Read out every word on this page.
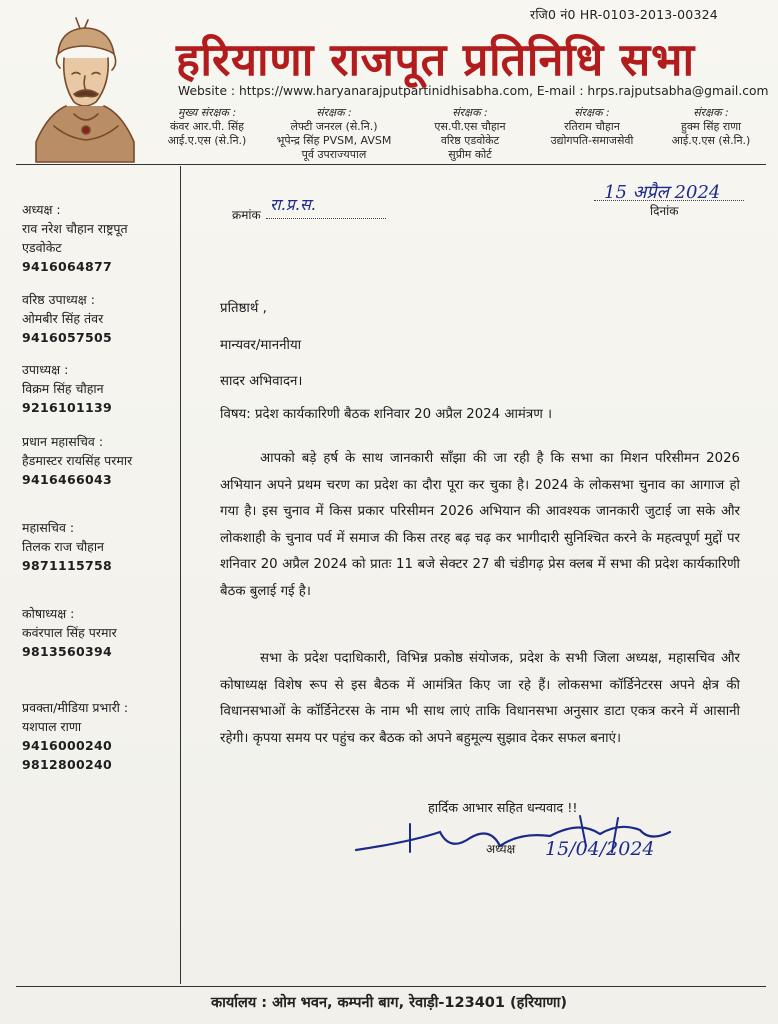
रजि0 नं0 HR-0103-2013-00324
हरियाणा राजपूत प्रतिनिधि सभा
Website : https://www.haryanarajputpartinidhisabha.com, E-mail : hrps.rajputsabha@gmail.com
मुख्य संरक्षक :
कंवर आर.पी. सिंह
आई.ए.एस (से.नि.)
संरक्षक :
लेफ्टी जनरल (से.नि.)
भूपेन्द्र सिंह PVSM, AVSM
पूर्व उपराज्यपाल
संरक्षक :
एस.पी.एस चौहान
वरिष्ठ एडवोकेट
सुप्रीम कोर्ट
संरक्षक :
रतिराम चौहान
उद्योगपति-समाजसेवी
संरक्षक :
हुक्म सिंह राणा
आई.ए.एस (से.नि.)
अध्यक्ष :
राव नरेश चौहान राष्ट्रपूत
एडवोकेट
9416064877
वरिष्ठ उपाध्यक्ष :
ओमबीर सिंह तंवर
9416057505
उपाध्यक्ष :
विक्रम सिंह चौहान
9216101139
प्रधान महासचिव :
हैडमास्टर रायसिंह परमार
9416466043
महासचिव :
तिलक राज चौहान
9871115758
कोषाध्यक्ष :
कवंरपाल सिंह परमार
9813560394
प्रवक्ता/मीडिया प्रभारी :
यशपाल राणा
9416000240
9812800240
क्रमांक
रा.प्र.स.
15 अप्रैल 2024
दिनांक
प्रतिष्ठार्थ ,
मान्यवर/माननीया
सादर अभिवादन।
विषय: प्रदेश कार्यकारिणी बैठक शनिवार 20 अप्रैल 2024 आमंत्रण ।
आपको बड़े हर्ष के साथ जानकारी साँझा की जा रही है कि सभा का मिशन परिसीमन 2026 अभियान अपने प्रथम चरण का प्रदेश का दौरा पूरा कर चुका है। 2024 के लोकसभा चुनाव का आगाज हो गया है। इस चुनाव में किस प्रकार परिसीमन 2026 अभियान की आवश्यक जानकारी जुटाई जा सके और लोकशाही के चुनाव पर्व में समाज की किस तरह बढ़ चढ़ कर भागीदारी सुनिश्चित करने के महत्वपूर्ण मुद्दों पर शनिवार 20 अप्रैल 2024 को प्रातः 11 बजे सेक्टर 27 बी चंडीगढ़ प्रेस क्लब में सभा की प्रदेश कार्यकारिणी बैठक बुलाई गई है।
सभा के प्रदेश पदाधिकारी, विभिन्न प्रकोष्ठ संयोजक, प्रदेश के सभी जिला अध्यक्ष, महासचिव और कोषाध्यक्ष विशेष रूप से इस बैठक में आमंत्रित किए जा रहे हैं। लोकसभा कॉर्डिनेटरस अपने क्षेत्र की विधानसभाओं के कॉर्डिनेटरस के नाम भी साथ लाएं ताकि विधानसभा अनुसार डाटा एकत्र करने में आसानी रहेगी। कृपया समय पर पहुंच कर बैठक को अपने बहुमूल्य सुझाव देकर सफल बनाएं।
हार्दिक आभार सहित धन्यवाद !!
अध्यक्ष 15/04/2024
कार्यालय : ओम भवन, कम्पनी बाग, रेवाड़ी-123401 (हरियाणा)
